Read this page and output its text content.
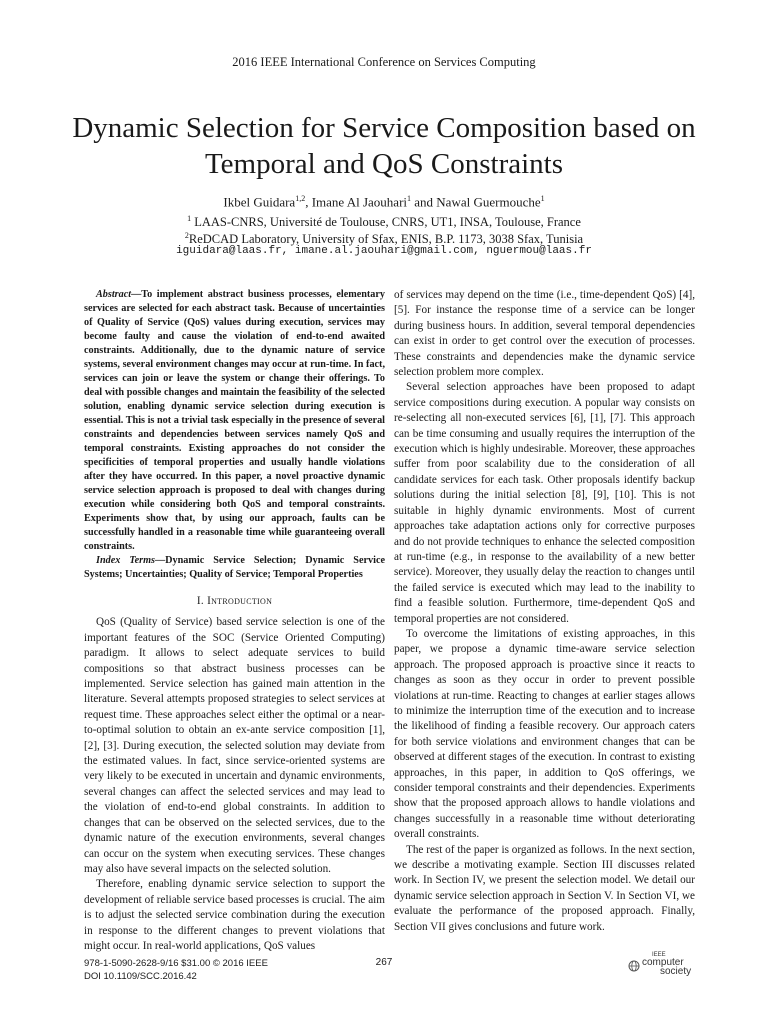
2016 IEEE International Conference on Services Computing
Dynamic Selection for Service Composition based on Temporal and QoS Constraints
Ikbel Guidara$^{1,2}$, Imane Al Jaouhari$^1$ and Nawal Guermouche$^1$
$^1$ LAAS-CNRS, Université de Toulouse, CNRS, UT1, INSA, Toulouse, France
$^2$ReDCAD Laboratory, University of Sfax, ENIS, B.P. 1173, 3038 Sfax, Tunisia
iguidara@laas.fr, imane.al.jaouhari@gmail.com, nguermou@laas.fr

Abstract—To implement abstract business processes, elementary services are selected for each abstract task. Because of uncertainties of Quality of Service (QoS) values during execution, services may become faulty and cause the violation of end-to-end awaited constraints. Additionally, due to the dynamic nature of service systems, several environment changes may occur at run-time. In fact, services can join or leave the system or change their offerings. To deal with possible changes and maintain the feasibility of the selected solution, enabling dynamic service selection during execution is essential. This is not a trivial task especially in the presence of several constraints and dependencies between services namely QoS and temporal constraints. Existing approaches do not consider the specificities of temporal properties and usually handle violations after they have occurred. In this paper, a novel proactive dynamic service selection approach is proposed to deal with changes during execution while considering both QoS and temporal constraints. Experiments show that, by using our approach, faults can be successfully handled in a reasonable time while guaranteeing overall constraints.

Index Terms—Dynamic Service Selection; Dynamic Service Systems; Uncertainties; Quality of Service; Temporal Properties

I. Introduction

QoS (Quality of Service) based service selection is one of the important features of the SOC (Service Oriented Computing) paradigm. It allows to select adequate services to build compositions so that abstract business processes can be implemented. Service selection has gained main attention in the literature. Several attempts proposed strategies to select services at request time. These approaches select either the optimal or a near-to-optimal solution to obtain an ex-ante service composition [1], [2], [3]. During execution, the selected solution may deviate from the estimated values. In fact, since service-oriented systems are very likely to be executed in uncertain and dynamic environments, several changes can affect the selected services and may lead to the violation of end-to-end global constraints. In addition to changes that can be observed on the selected services, due to the dynamic nature of the execution environments, several changes can occur on the system when executing services. These changes may also have several impacts on the selected solution.

Therefore, enabling dynamic service selection to support the development of reliable service based processes is crucial. The aim is to adjust the selected service combination during the execution in response to the different changes to prevent violations that might occur. In real-world applications, QoS values

of services may depend on the time (i.e., time-dependent QoS) [4], [5]. For instance the response time of a service can be longer during business hours. In addition, several temporal dependencies can exist in order to get control over the execution of processes. These constraints and dependencies make the dynamic service selection problem more complex.

Several selection approaches have been proposed to adapt service compositions during execution. A popular way consists on re-selecting all non-executed services [6], [1], [7]. This approach can be time consuming and usually requires the interruption of the execution which is highly undesirable. Moreover, these approaches suffer from poor scalability due to the consideration of all candidate services for each task. Other proposals identify backup solutions during the initial selection [8], [9], [10]. This is not suitable in highly dynamic environments. Most of current approaches take adaptation actions only for corrective purposes and do not provide techniques to enhance the selected composition at run-time (e.g., in response to the availability of a new better service). Moreover, they usually delay the reaction to changes until the failed service is executed which may lead to the inability to find a feasible solution. Furthermore, time-dependent QoS and temporal properties are not considered.

To overcome the limitations of existing approaches, in this paper, we propose a dynamic time-aware service selection approach. The proposed approach is proactive since it reacts to changes as soon as they occur in order to prevent possible violations at run-time. Reacting to changes at earlier stages allows to minimize the interruption time of the execution and to increase the likelihood of finding a feasible recovery. Our approach caters for both service violations and environment changes that can be observed at different stages of the execution. In contrast to existing approaches, in this paper, in addition to QoS offerings, we consider temporal constraints and their dependencies. Experiments show that the proposed approach allows to handle violations and changes successfully in a reasonable time without deteriorating overall constraints.

The rest of the paper is organized as follows. In the next section, we describe a motivating example. Section III discusses related work. In Section IV, we present the selection model. We detail our dynamic service selection approach in Section V. In Section VI, we evaluate the performance of the proposed approach. Finally, Section VII gives conclusions and future work.

978-1-5090-2628-9/16 $31.00 © 2016 IEEE
DOI 10.1109/SCC.2016.42
267
IEEE
computer
society
